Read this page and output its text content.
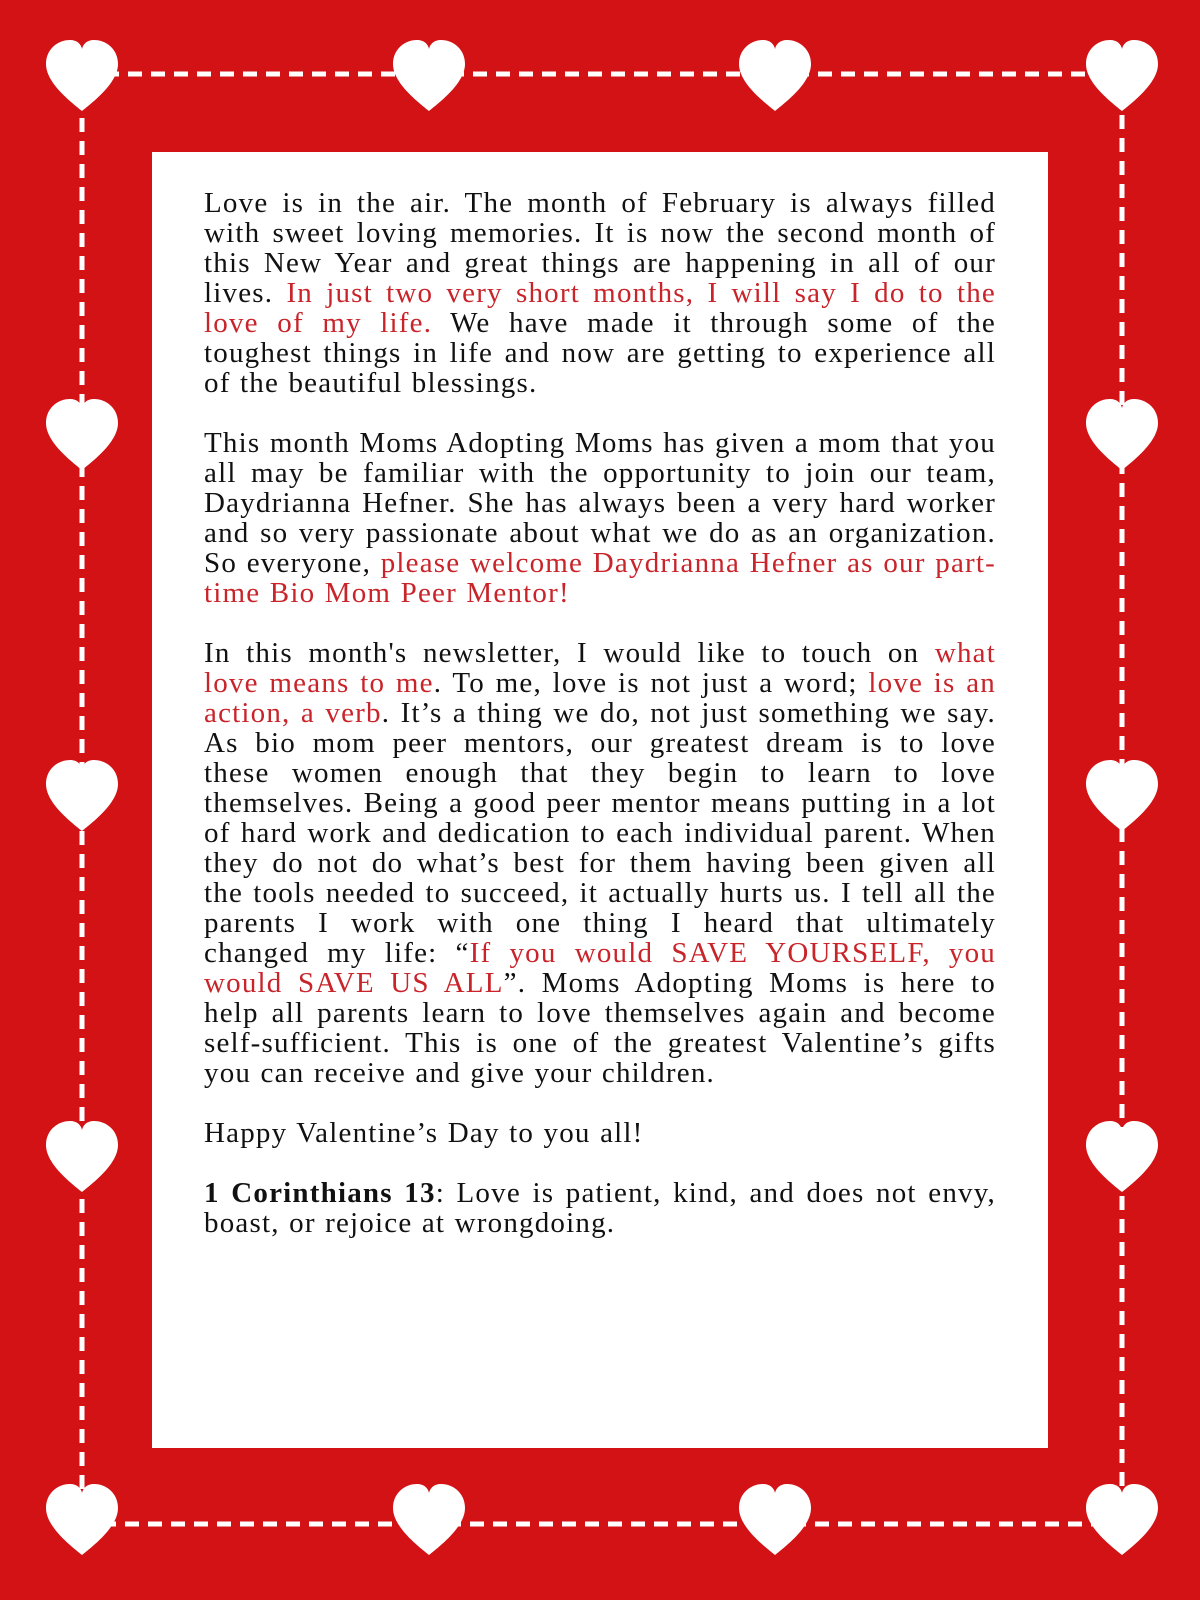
Love is in the air. The month of February is always filled with sweet loving memories. It is now the second month of this New Year and great things are happening in all of our lives. In just two very short months, I will say I do to the love of my life. We have made it through some of the toughest things in life and now are getting to experience all of the beautiful blessings.

This month Moms Adopting Moms has given a mom that you all may be familiar with the opportunity to join our team, Daydrianna Hefner. She has always been a very hard worker and so very passionate about what we do as an organization. So everyone, please welcome Daydrianna Hefner as our part-time Bio Mom Peer Mentor!

In this month's newsletter, I would like to touch on what love means to me. To me, love is not just a word; love is an action, a verb. It’s a thing we do, not just something we say. As bio mom peer mentors, our greatest dream is to love these women enough that they begin to learn to love themselves. Being a good peer mentor means putting in a lot of hard work and dedication to each individual parent. When they do not do what’s best for them having been given all the tools needed to succeed, it actually hurts us. I tell all the parents I work with one thing I heard that ultimately changed my life: “If you would SAVE YOURSELF, you would SAVE US ALL”. Moms Adopting Moms is here to help all parents learn to love themselves again and become self-sufficient. This is one of the greatest Valentine’s gifts you can receive and give your children.

Happy Valentine’s Day to you all!

1 Corinthians 13: Love is patient, kind, and does not envy, boast, or rejoice at wrongdoing.
